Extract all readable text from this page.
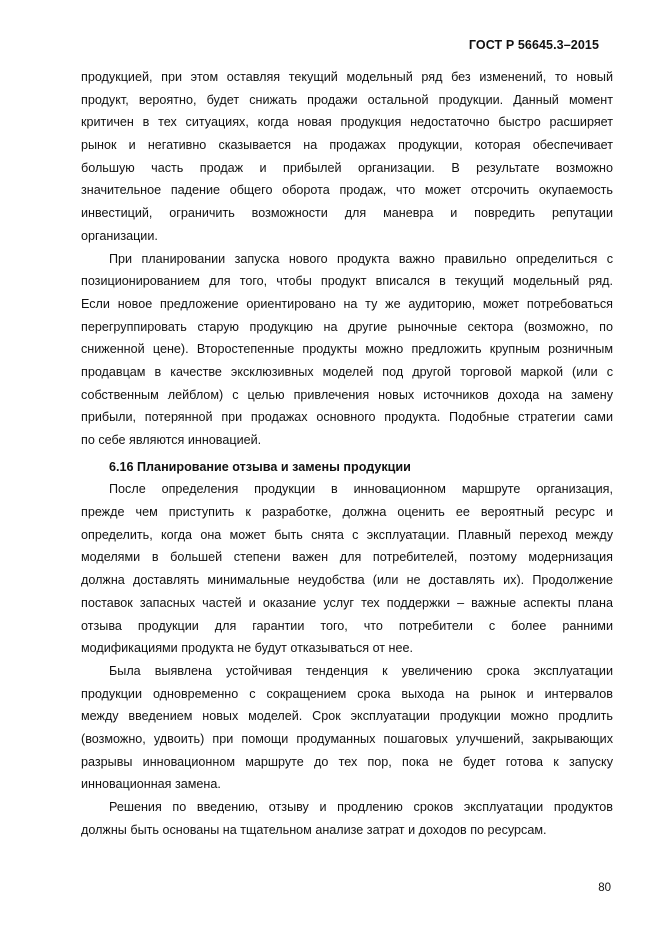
ГОСТ Р 56645.3–2015
продукцией, при этом оставляя текущий модельный ряд без изменений, то новый
продукт, вероятно, будет снижать продажи остальной продукции. Данный момент
критичен в тех ситуациях, когда новая продукция недостаточно быстро расширяет
рынок и негативно сказывается на продажах продукции, которая обеспечивает
большую часть продаж и прибылей организации. В результате возможно
значительное падение общего оборота продаж, что может отсрочить окупаемость
инвестиций, ограничить возможности для маневра и повредить репутации
организации.
При планировании запуска нового продукта важно правильно определиться с
позиционированием для того, чтобы продукт вписался в текущий модельный ряд.
Если новое предложение ориентировано на ту же аудиторию, может потребоваться
перегруппировать старую продукцию на другие рыночные сектора (возможно, по
сниженной цене). Второстепенные продукты можно предложить крупным розничным
продавцам в качестве эксклюзивных моделей под другой торговой маркой (или с
собственным лейблом) с целью привлечения новых источников дохода на замену
прибыли, потерянной при продажах основного продукта. Подобные стратегии сами
по себе являются инновацией.
6.16 Планирование отзыва и замены продукции
После определения продукции в инновационном маршруте организация,
прежде чем приступить к разработке, должна оценить ее вероятный ресурс и
определить, когда она может быть снята с эксплуатации. Плавный переход между
моделями в большей степени важен для потребителей, поэтому модернизация
должна доставлять минимальные неудобства (или не доставлять их). Продолжение
поставок запасных частей и оказание услуг тех поддержки – важные аспекты плана
отзыва продукции для гарантии того, что потребители с более ранними
модификациями продукта не будут отказываться от нее.
Была выявлена устойчивая тенденция к увеличению срока эксплуатации
продукции одновременно с сокращением срока выхода на рынок и интервалов
между введением новых моделей. Срок эксплуатации продукции можно продлить
(возможно, удвоить) при помощи продуманных пошаговых улучшений, закрывающих
разрывы инновационном маршруте до тех пор, пока не будет готова к запуску
инновационная замена.
Решения по введению, отзыву и продлению сроков эксплуатации продуктов
должны быть основаны на тщательном анализе затрат и доходов по ресурсам.
80
